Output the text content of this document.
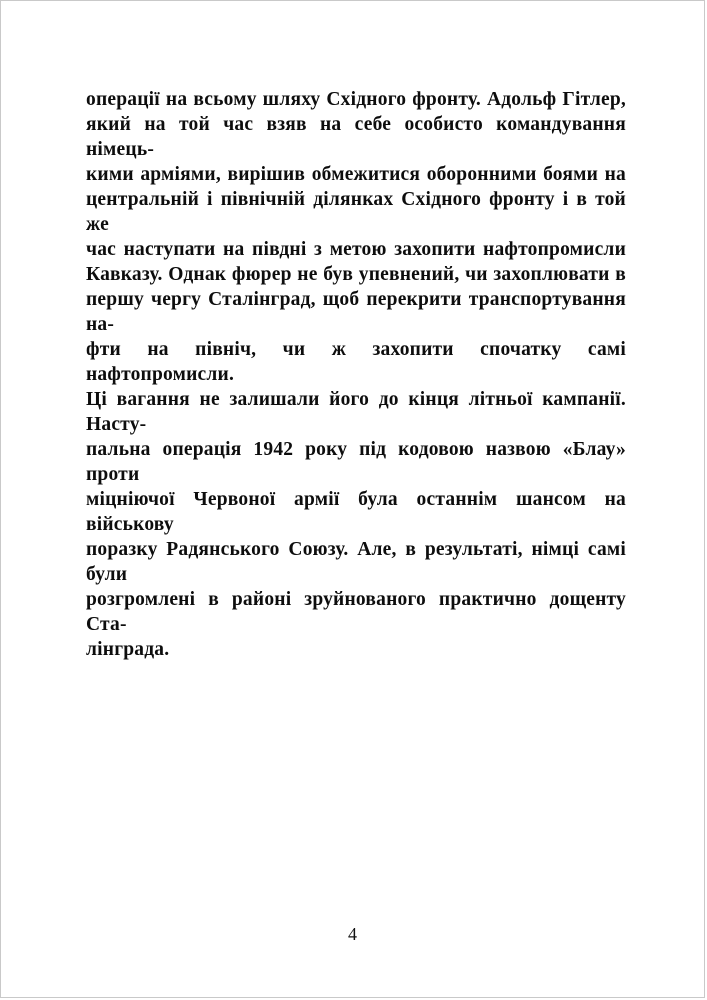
операції на всьому шляху Східного фронту. Адольф Гітлер,
який на той час взяв на себе особисто командування німець-
кими арміями, вирішив обмежитися оборонними боями на
центральній і північній ділянках Східного фронту і в той же
час наступати на півдні з метою захопити нафтопромисли
Кавказу. Однак фюрер не був упевнений, чи захоплювати в
першу чергу Сталінград, щоб перекрити транспортування на-
фти на північ, чи ж захопити спочатку самі нафтопромисли.
Ці вагання не залишали його до кінця літньої кампанії. Насту-
пальна операція 1942 року під кодовою назвою «Блау» проти
міцніючої Червоної армії була останнім шансом на військову
поразку Радянського Союзу. Але, в результаті, німці самі були
розгромлені в районі зруйнованого практично дощенту Ста-
лінграда.
4
